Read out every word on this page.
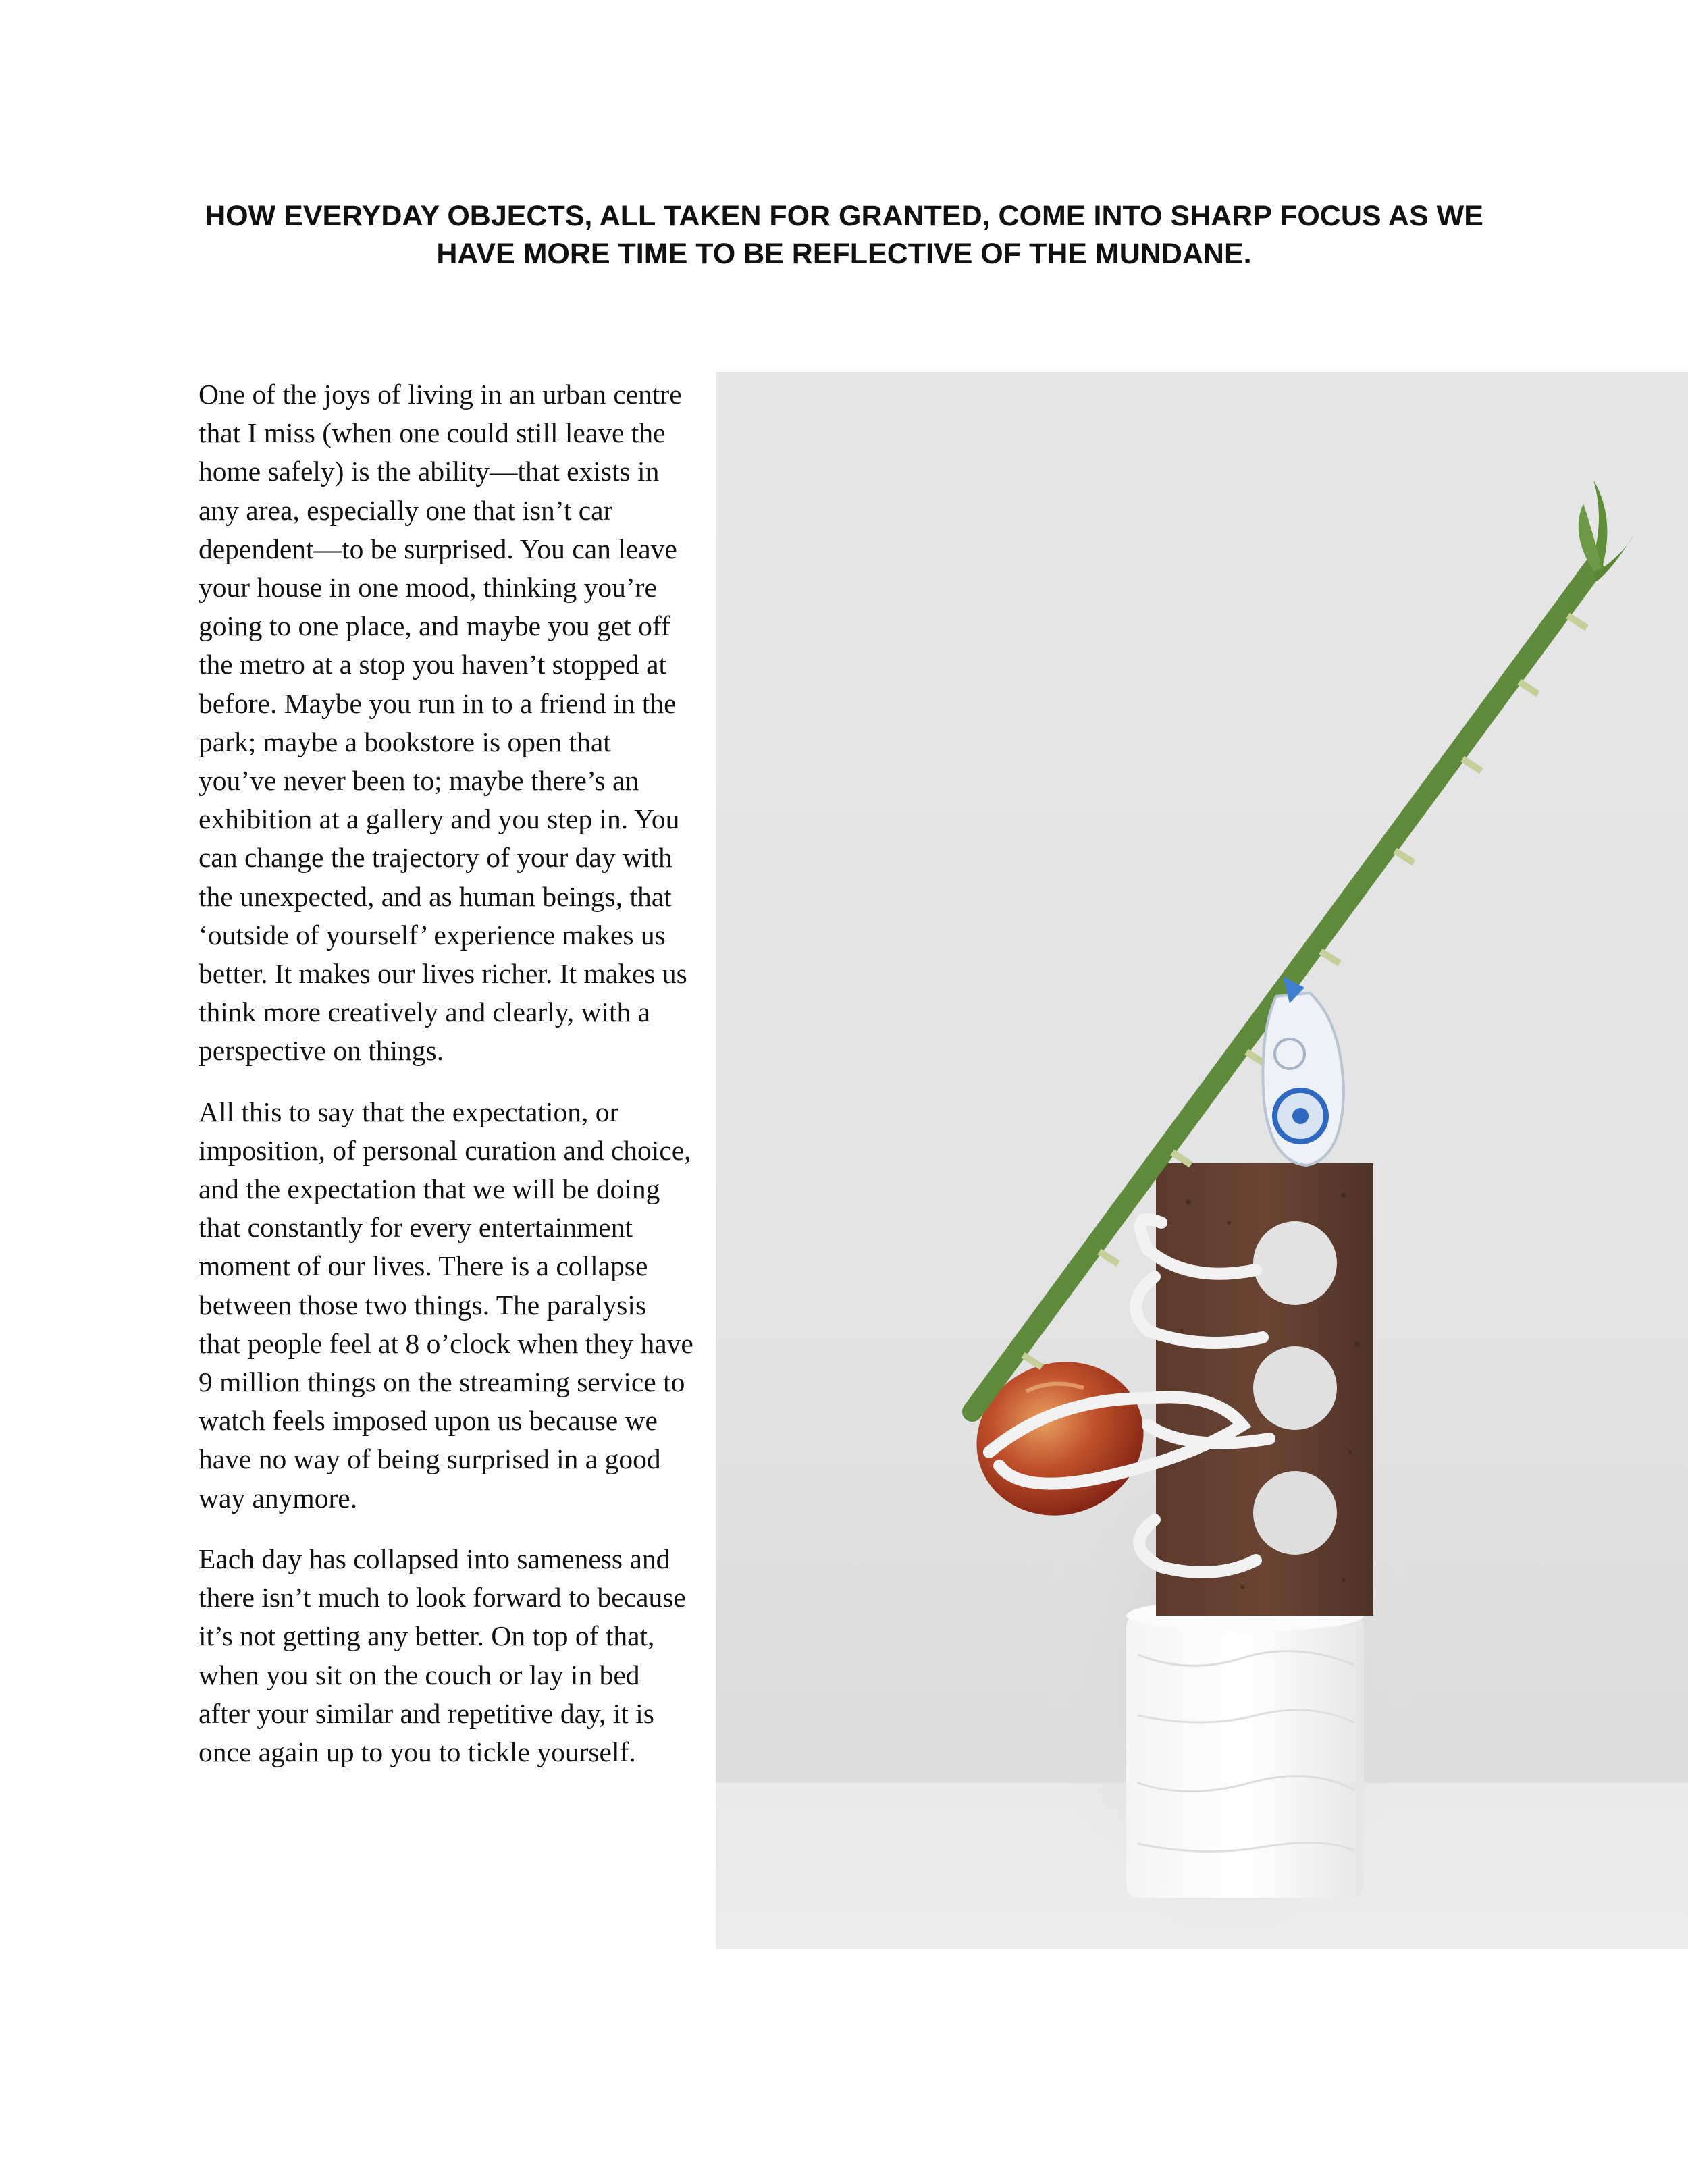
HOW EVERYDAY OBJECTS, ALL TAKEN FOR GRANTED, COME INTO SHARP FOCUS AS WE HAVE MORE TIME TO BE REFLECTIVE OF THE MUNDANE.

One of the joys of living in an urban centre that I miss (when one could still leave the home safely) is the ability—that exists in any area, especially one that isn’t car dependent—to be surprised. You can leave your house in one mood, thinking you’re going to one place, and maybe you get off the metro at a stop you haven’t stopped at before. Maybe you run in to a friend in the park; maybe a bookstore is open that you’ve never been to; maybe there’s an exhibition at a gallery and you step in. You can change the trajectory of your day with the unexpected, and as human beings, that ‘outside of yourself’ experience makes us better. It makes our lives richer. It makes us think more creatively and clearly, with a perspective on things.

All this to say that the expectation, or imposition, of personal curation and choice, and the expectation that we will be doing that constantly for every entertainment moment of our lives. There is a collapse between those two things. The paralysis that people feel at 8 o’clock when they have 9 million things on the streaming service to watch feels imposed upon us because we have no way of being surprised in a good way anymore.

Each day has collapsed into sameness and there isn’t much to look forward to because it’s not getting any better. On top of that, when you sit on the couch or lay in bed after your similar and repetitive day, it is once again up to you to tickle yourself.
